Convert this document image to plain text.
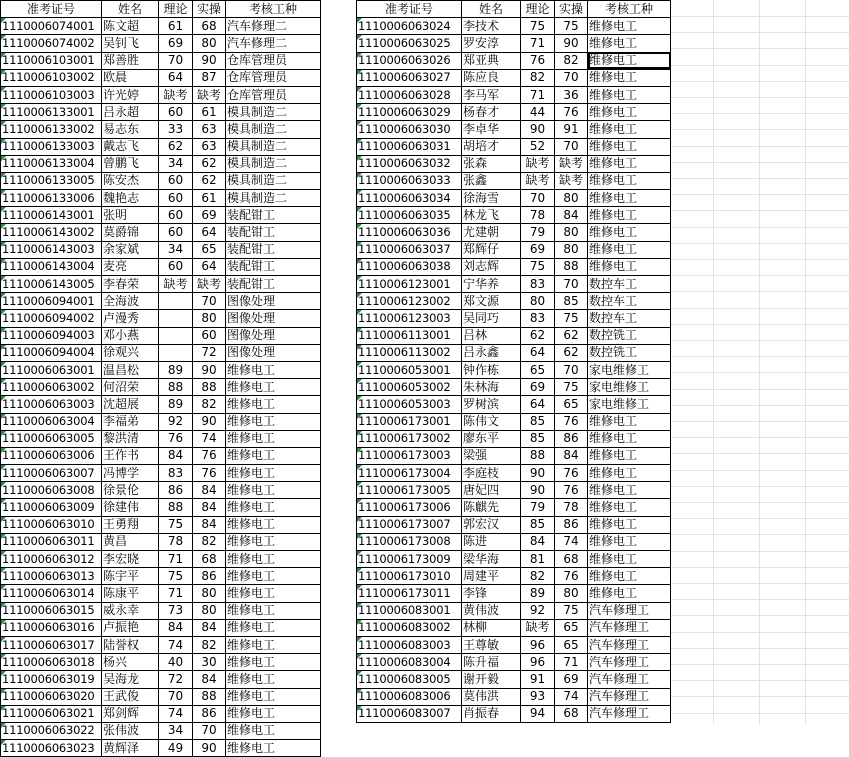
准考证号	姓名	理论	实操	考核工种
1110006074001	陈文超	61	68	汽车修理二
1110006074002	吴钊飞	69	80	汽车修理二
1110006103001	郑善胜	70	90	仓库管理员
1110006103002	欧晨	64	87	仓库管理员
1110006103003	许光婷	缺考	缺考	仓库管理员
1110006133001	吕永超	60	61	模具制造二
1110006133002	易志东	33	63	模具制造二
1110006133003	戴志飞	62	63	模具制造二
1110006133004	曾鹏飞	34	62	模具制造二
1110006133005	陈安杰	60	62	模具制造二
1110006133006	魏艳志	60	61	模具制造二
1110006143001	张明	60	69	装配钳工
1110006143002	莫爵锦	60	64	装配钳工
1110006143003	余家斌	34	65	装配钳工
1110006143004	麦亮	60	64	装配钳工
1110006143005	李春荣	缺考	缺考	装配钳工
1110006094001	全海波		70	图像处理
1110006094002	卢漫秀		80	图像处理
1110006094003	邓小燕		60	图像处理
1110006094004	徐观兴		72	图像处理
1110006063001	温昌松	89	90	维修电工
1110006063002	何沼荣	88	88	维修电工
1110006063003	沈超展	89	82	维修电工
1110006063004	李福弟	92	90	维修电工
1110006063005	黎洪清	76	74	维修电工
1110006063006	王作书	84	76	维修电工
1110006063007	冯博学	83	76	维修电工
1110006063008	徐景伦	86	84	维修电工
1110006063009	徐建伟	88	84	维修电工
1110006063010	王勇翔	75	84	维修电工
1110006063011	黄昌	78	82	维修电工
1110006063012	李宏晓	71	68	维修电工
1110006063013	陈宇平	75	86	维修电工
1110006063014	陈康平	71	80	维修电工
1110006063015	威永幸	73	80	维修电工
1110006063016	卢振艳	84	84	维修电工
1110006063017	陆誉权	74	82	维修电工
1110006063018	杨兴	40	30	维修电工
1110006063019	吴海龙	72	84	维修电工
1110006063020	王武俊	70	88	维修电工
1110006063021	郑剑辉	74	86	维修电工
1110006063022	张伟波	34	70	维修电工
1110006063023	黄辉泽	49	90	维修电工
准考证号	姓名	理论	实操	考核工种
1110006063024	李技术	75	75	维修电工
1110006063025	罗安淳	71	90	维修电工
1110006063026	郑亚典	76	82	维修电工
1110006063027	陈应良	82	70	维修电工
1110006063028	李马军	71	36	维修电工
1110006063029	杨春才	44	76	维修电工
1110006063030	李卓华	90	91	维修电工
1110006063031	胡培才	52	70	维修电工
1110006063032	张森	缺考	缺考	维修电工
1110006063033	张鑫	缺考	缺考	维修电工
1110006063034	徐海雪	70	80	维修电工
1110006063035	林龙飞	78	84	维修电工
1110006063036	尤建朝	79	80	维修电工
1110006063037	郑辉仔	69	80	维修电工
1110006063038	刘志辉	75	88	维修电工
1110006123001	宁华养	83	70	数控车工
1110006123002	郑文源	80	85	数控车工
1110006123003	吴同巧	83	75	数控车工
1110006113001	吕林	62	62	数控铣工
1110006113002	吕永鑫	64	62	数控铣工
1110006053001	钟作栋	65	70	家电维修工
1110006053002	朱林海	69	75	家电维修工
1110006053003	罗树滨	64	65	家电维修工
1110006173001	陈伟文	85	76	维修电工
1110006173002	廖东平	85	86	维修电工
1110006173003	梁强	88	84	维修电工
1110006173004	李庭枝	90	76	维修电工
1110006173005	唐妃四	90	76	维修电工
1110006173006	陈麒先	79	78	维修电工
1110006173007	郭宏汉	85	86	维修电工
1110006173008	陈进	84	74	维修电工
1110006173009	梁华海	81	68	维修电工
1110006173010	周建平	82	76	维修电工
1110006173011	李锋	89	80	维修电工
1110006083001	黄伟波	92	75	汽车修理工
1110006083002	林柳	缺考	65	汽车修理工
1110006083003	王尊敏	96	65	汽车修理工
1110006083004	陈升福	96	71	汽车修理工
1110006083005	谢开毅	91	69	汽车修理工
1110006083006	莫伟洪	93	74	汽车修理工
1110006083007	肖振春	94	68	汽车修理工
